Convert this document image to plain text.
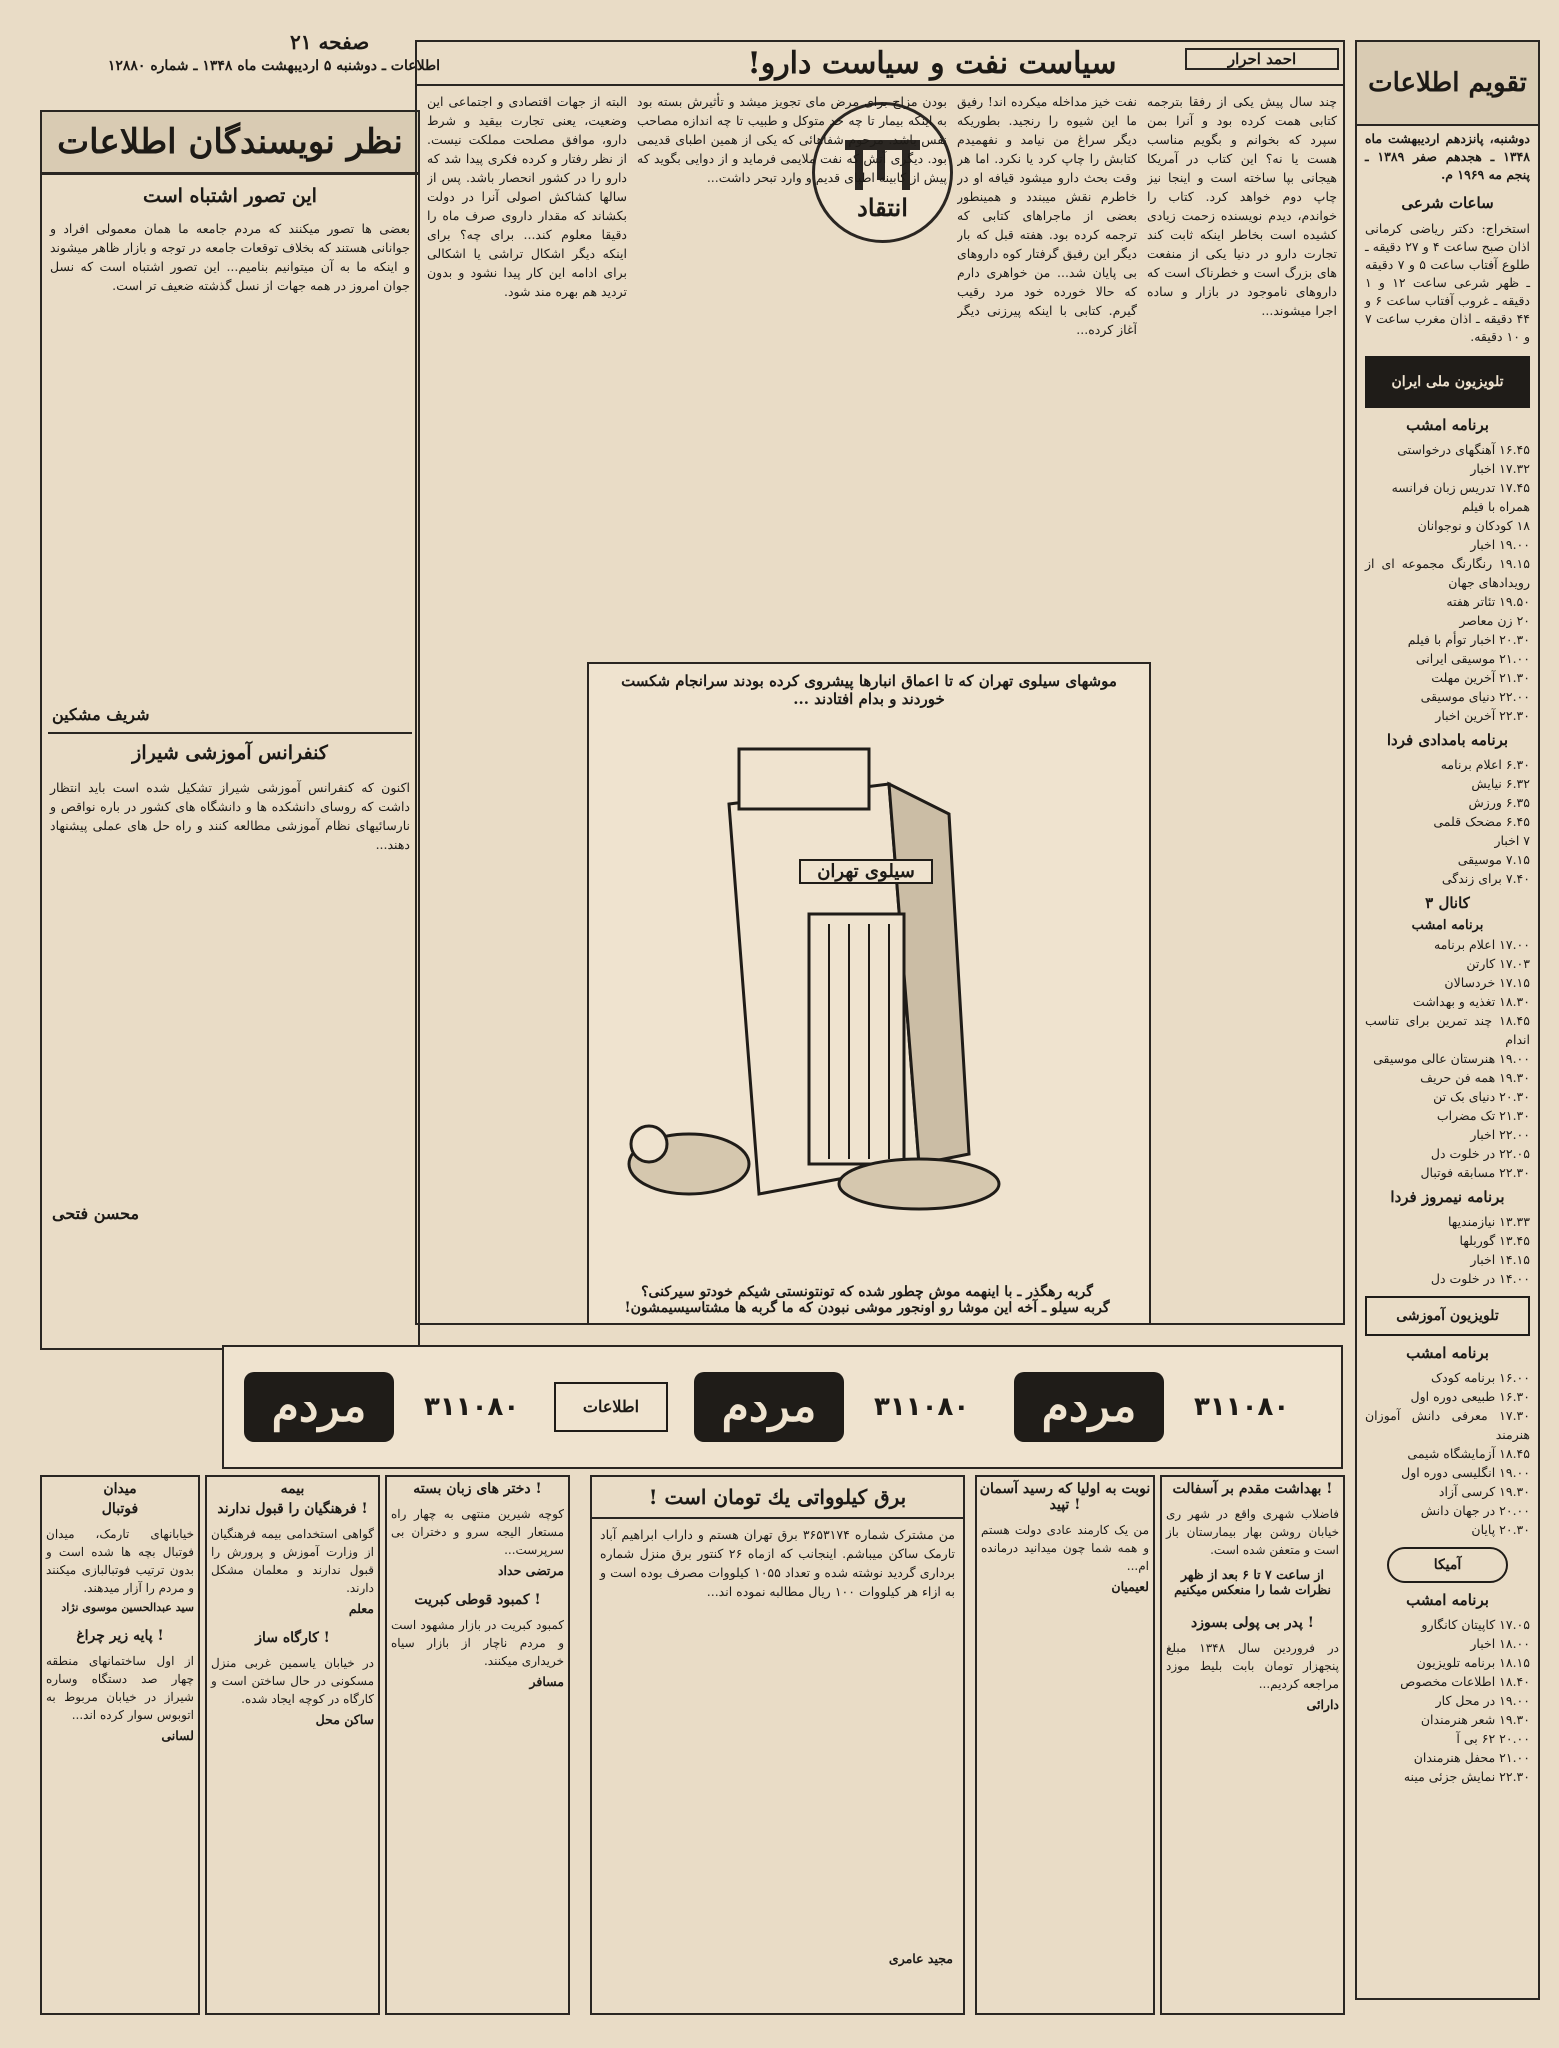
صفحه ۲۱
اطلاعات ـ دوشنبه ۵ اردیبهشت ماه ۱۳۴۸ ـ شماره ۱۲۸۸۰
نظر نویسندگان اطلاعات
این تصور اشتباه است
بعضی ها تصور میکنند که مردم جامعه ما همان معمولی افراد و جوانانی هستند که بخلاف توقعات جامعه در توجه و بازار ظاهر میشوند و اینکه ما به آن میتوانیم بنامیم... این تصور اشتباه است که نسل جوان امروز در همه جهات از نسل گذشته ضعیف تر است.
شریف مشکین
کنفرانس آموزشی شیراز
اکنون که کنفرانس آموزشی شیراز تشکیل شده است باید انتظار داشت که روسای دانشکده ها و دانشگاه های کشور در باره نواقص و نارسائیهای نظام آموزشی مطالعه کنند و راه حل های عملی پیشنهاد دهند...
محسن فتحی
سیاست نفت و سیاست دارو!	احمد احرار
چند سال پیش یکی از رفقا بترجمه کتابی همت کرده بود و آنرا بمن سپرد که بخوانم و بگویم مناسب هست یا نه؟ این کتاب در آمریکا هیجانی بپا ساخته است و اینجا نیز چاپ دوم خواهد کرد. کتاب را خواندم، دیدم نویسنده زحمت زیادی کشیده است بخاطر اینکه ثابت کند تجارت دارو در دنیا یکی از منفعت های بزرگ است و خطرناک است که داروهای ناموجود در بازار و ساده اجرا میشوند...
نفت خیز مداخله میکرده اند! رفیق ما این شیوه را رنجید. بطوریکه دیگر سراغ من نیامد و نفهمیدم کتابش را چاپ کرد یا نکرد. اما هر وقت بحث دارو میشود قیافه او در خاطرم نقش میبندد و همینطور بعضی از ماجراهای کتابی که ترجمه کرده بود. هفته قبل که بار دیگر این رفیق گرفتار کوه داروهای بی پایان شد... من خواهری دارم که حالا خورده خود مرد رقیب گیرم. کتابی با اینکه پیرزنی دیگر آغاز کرده...
انتقاد
بودن مزاج برای مرض مای تجویز میشد و تأثیرش بسته بود به اینکه بیمار تا چه حد متوکل و طبیب تا چه اندازه مصاحب نفس باشد. مرحوم شفاهائی که یکی از همین اطبای قدیمی بود. دیگری آتش که نفت ملایمی فرماید و از دوایی بگوید که پیش از کابینه اطبای قدیم و وارد تبحر داشت...
البته از جهات اقتصادی و اجتماعی این وضعیت، یعنی تجارت بیقید و شرط دارو، موافق مصلحت مملکت نیست. از نظر رفتار و کرده فکری پیدا شد که دارو را در کشور انحصار باشد. پس از سالها کشاکش اصولی آنرا در دولت بکشاند که مقدار داروی صرف ماه را دقیقا معلوم کند... برای چه؟ برای اینکه دیگر اشکال تراشی یا اشکالی برای ادامه این کار پیدا نشود و بدون تردید هم بهره مند شود.
موشهای سیلوی تهران که تا اعماق انبارها پیشروی کرده بودند سرانجام شکست خوردند و بدام افتادند ...
سیلوی تهران
گربه رهگذر ـ با اینهمه موش چطور شده که تونتونستی شیکم خودتو سیرکنی؟
گربه سیلو ـ آخه این موشا رو اونجور موشی نبودن که ما گربه ها مشتاسیسیمشون!
تقویم اطلاعات
دوشنبه، پانزدهم اردیبهشت ماه ۱۳۴۸ ـ هجدهم صفر ۱۳۸۹ ـ پنجم مه ۱۹۶۹ م.
ساعات شرعی
استخراج: دکتر ریاضی کرمانی اذان صبح ساعت ۴ و ۲۷ دقیقه ـ طلوع آفتاب ساعت ۵ و ۷ دقیقه ـ ظهر شرعی ساعت ۱۲ و ۱ دقیقه ـ غروب آفتاب ساعت ۶ و ۴۴ دقیقه ـ اذان مغرب ساعت ۷ و ۱۰ دقیقه.
تلویزیون ملی ایران
برنامه امشب
۱۶.۴۵ آهنگهای درخواستی
۱۷.۳۲ اخبار
۱۷.۴۵ تدریس زبان فرانسه
همراه با فیلم
۱۸ کودکان و نوجوانان
۱۹.۰۰ اخبار
۱۹.۱۵ رنگارنگ مجموعه ای از رویدادهای جهان
۱۹.۵۰ تئاتر هفته
۲۰ زن معاصر
۲۰.۳۰ اخبار توأم با فیلم
۲۱.۰۰ موسیقی ایرانی
۲۱.۳۰ آخرین مهلت
۲۲.۰۰ دنیای موسیقی
۲۲.۳۰ آخرین اخبار
برنامه بامدادی فردا
۶.۳۰ اعلام برنامه
۶.۳۲ نیایش
۶.۳۵ ورزش
۶.۴۵ مضحک قلمی
۷ اخبار
۷.۱۵ موسیقی
۷.۴۰ برای زندگی
کانال ۳
برنامه امشب
۱۷.۰۰ اعلام برنامه
۱۷.۰۳ کارتن
۱۷.۱۵ خردسالان
۱۸.۳۰ تغذیه و بهداشت
۱۸.۴۵ چند تمرین برای تناسب اندام
۱۹.۰۰ هنرستان عالی موسیقی
۱۹.۳۰ همه فن حریف
۲۰.۳۰ دنیای بک تن
۲۱.۳۰ تک مضراب
۲۲.۰۰ اخبار
۲۲.۰۵ در خلوت دل
۲۲.۳۰ مسابقه فوتبال
برنامه نیمروز فردا
۱۳.۳۳ نیازمندیها
۱۳.۴۵ گوربلها
۱۴.۱۵ اخبار
۱۴.۰۰ در خلوت دل
تلویزیون آموزشی
برنامه امشب
۱۶.۰۰ برنامه کودک
۱۶.۳۰ طبیعی دوره اول
۱۷.۳۰ معرفی دانش آموزان هنرمند
۱۸.۴۵ آزمایشگاه شیمی
۱۹.۰۰ انگلیسی دوره اول
۱۹.۳۰ کرسی آزاد
۲۰.۰۰ در جهان دانش
۲۰.۳۰ پایان
آمیکا
برنامه امشب
۱۷.۰۵ کاپیتان کانگارو
۱۸.۰۰ اخبار
۱۸.۱۵ برنامه تلویزیون
۱۸.۴۰ اطلاعات مخصوص
۱۹.۰۰ در محل کار
۱۹.۳۰ شعر هنرمندان
۲۰.۰۰ ۶۲ بی آ
۲۱.۰۰ محفل هنرمندان
۲۲.۳۰ نمایش جزئی مینه
مردم	۳۱۱۰۸۰	اطلاعات	مردم	۳۱۱۰۸۰	مردم	۳۱۱۰۸۰
میدان
فوتبال
خیابانهای تارمک، میدان فوتبال بچه ها شده است و بدون ترتیب فوتبالبازی میکنند و مردم را آزار میدهند.
سید عبدالحسین موسوی نژاد
پایه زیر چراغ !
از اول ساختمانهای منطقه چهار صد دستگاه وساره شیراز در خیابان مربوط به اتوبوس سوار کرده اند...
لسانی
بیمه
فرهنگیان را قبول ندارند !
گواهی استخدامی بیمه فرهنگیان از وزارت آموزش و پرورش را قبول ندارند و معلمان مشکل دارند.
معلم
کارگاه ساز !
در خیابان یاسمین غربی منزل مسکونی در حال ساختن است و کارگاه در کوچه ایجاد شده.
ساکن محل
دختر های زبان بسته !
کوچه شیرین منتهی به چهار راه مستعار الیجه سرو و دختران بی سرپرست...
مرتضی حداد
کمبود قوطی کبریت !
کمبود کبریت در بازار مشهود است و مردم ناچار از بازار سیاه خریداری میکنند.
مسافر
برق کیلوواتی یك تومان است !
من مشترک شماره ۳۶۵۳۱۷۴ برق تهران هستم و داراب ابراهیم آباد تارمک ساکن میباشم. اینجانب که ازماه ۲۶ کنتور برق منزل شماره برداری گردید نوشته شده و تعداد ۱۰۵۵ کیلووات مصرف بوده است و به ازاء هر کیلووات ۱۰۰ ریال مطالبه نموده اند...
مجید عامری
نوبت به اولیا که رسید آسمان تپید !
من یک کارمند عادی دولت هستم و همه شما چون میدانید درمانده ام...
لعیمیان
بهداشت مقدم بر آسفالت !
فاضلاب شهری واقع در شهر ری خیابان روشن بهار بیمارستان باز است و متعفن شده است.
از ساعت ۷ تا ۶ بعد از ظهر نظرات شما را منعکس میکنیم
پدر بی پولی بسوزد !
در فروردین سال ۱۳۴۸ مبلغ پنجهزار تومان بابت بلیط موزد مراجعه کردیم...
دارائی
